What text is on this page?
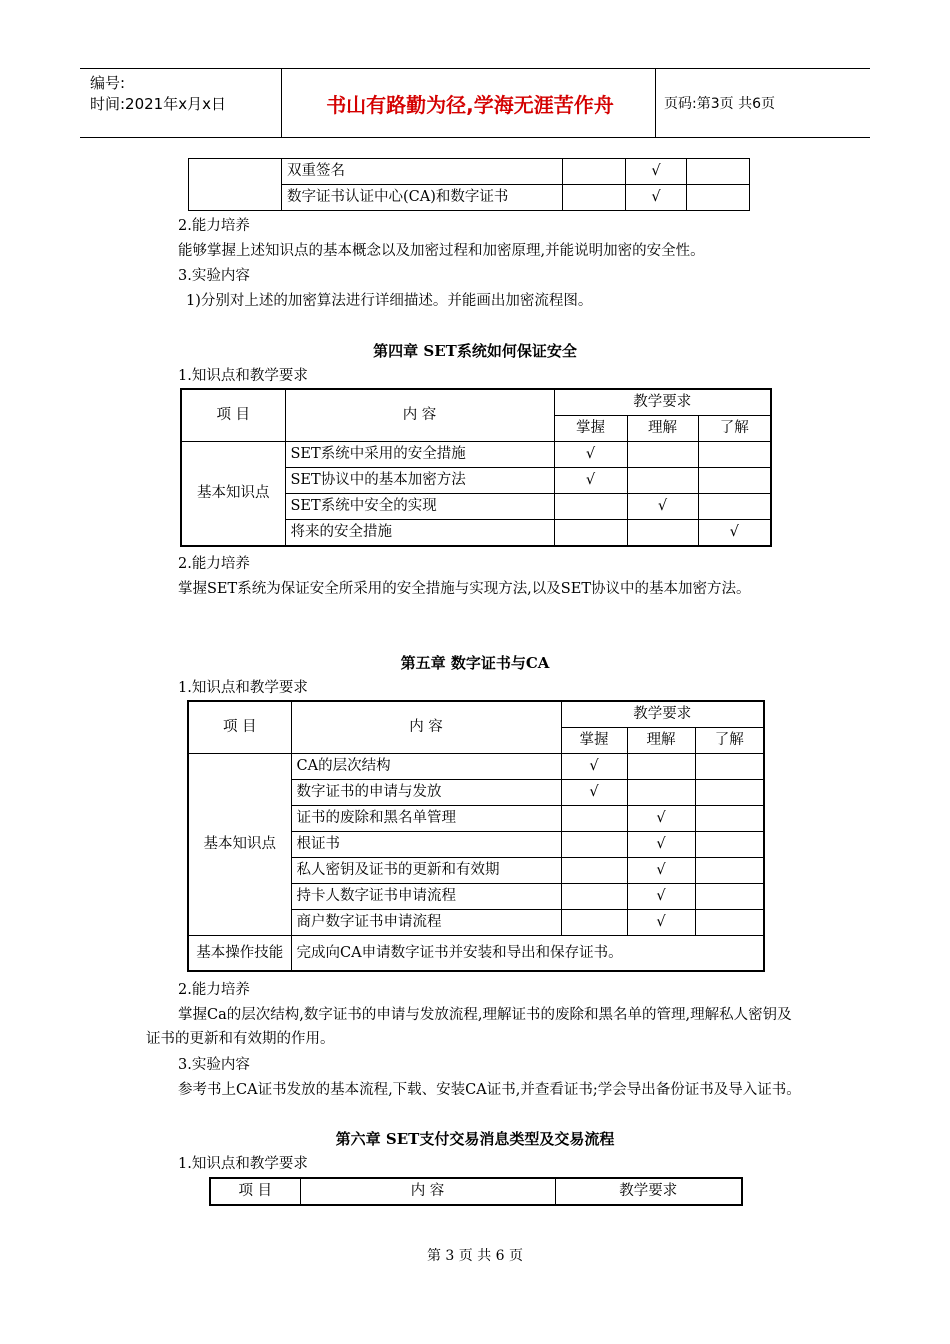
编号:
时间:2021年x月x日	书山有路勤为径,学海无涯苦作舟	页码:第3页 共6页
	双重签名		√	
	数字证书认证中心(CA)和数字证书		√	
2.能力培养
能够掌握上述知识点的基本概念以及加密过程和加密原理,并能说明加密的安全性。
3.实验内容
1)分别对上述的加密算法进行详细描述。并能画出加密流程图。
第四章 SET系统如何保证安全
1.知识点和教学要求
项 目	内 容	教学要求		
		掌握	理解	了解
基本知识点	SET系统中采用的安全措施	√		
	SET协议中的基本加密方法	√		
	SET系统中安全的实现		√	
	将来的安全措施			√
2.能力培养
掌握SET系统为保证安全所采用的安全措施与实现方法,以及SET协议中的基本加密方法。
第五章 数字证书与CA
1.知识点和教学要求
项 目	内 容	教学要求		
		掌握	理解	了解
基本知识点	CA的层次结构	√		
	数字证书的申请与发放	√		
	证书的废除和黑名单管理		√	
	根证书		√	
	私人密钥及证书的更新和有效期		√	
	持卡人数字证书申请流程		√	
	商户数字证书申请流程		√	
基本操作技能	完成向CA申请数字证书并安装和导出和保存证书。			
2.能力培养
掌握Ca的层次结构,数字证书的申请与发放流程,理解证书的废除和黑名单的管理,理解私人密钥及证书的更新和有效期的作用。
3.实验内容
参考书上CA证书发放的基本流程,下载、安装CA证书,并查看证书;学会导出备份证书及导入证书。
第六章 SET支付交易消息类型及交易流程
1.知识点和教学要求
项 目	内 容	教学要求
第 3 页 共 6 页
